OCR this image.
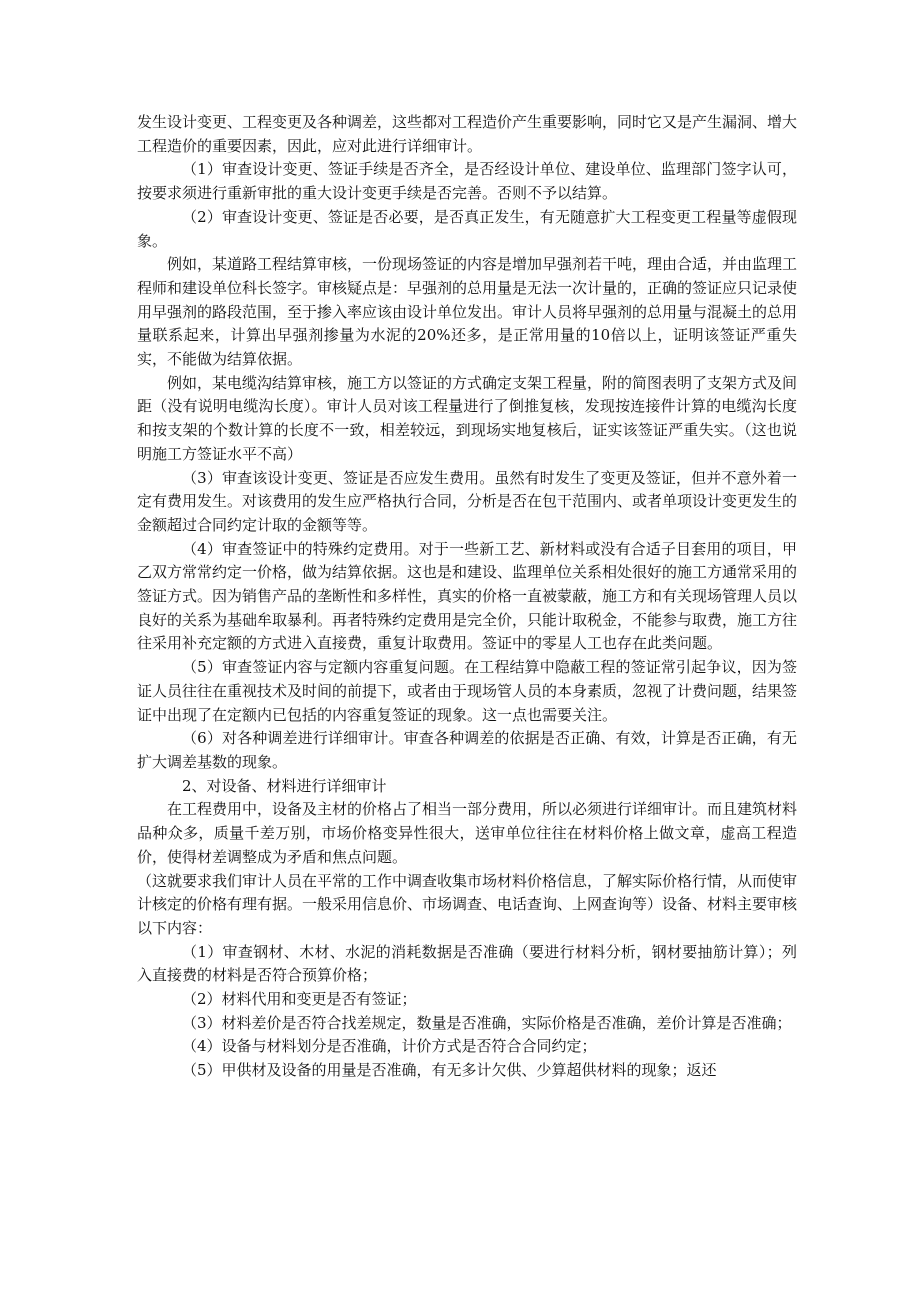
发生设计变更、工程变更及各种调差，这些都对工程造价产生重要影响，同时它又是产生漏洞、增大工程造价的重要因素，因此，应对此进行详细审计。

（1）审查设计变更、签证手续是否齐全，是否经设计单位、建设单位、监理部门签字认可，按要求须进行重新审批的重大设计变更手续是否完善。否则不予以结算。

（2）审查设计变更、签证是否必要，是否真正发生，有无随意扩大工程变更工程量等虚假现象。

例如，某道路工程结算审核，一份现场签证的内容是增加早强剂若干吨，理由合适，并由监理工程师和建设单位科长签字。审核疑点是：早强剂的总用量是无法一次计量的，正确的签证应只记录使用早强剂的路段范围，至于掺入率应该由设计单位发出。审计人员将早强剂的总用量与混凝土的总用量联系起来，计算出早强剂掺量为水泥的20%还多，是正常用量的10倍以上，证明该签证严重失实，不能做为结算依据。

例如，某电缆沟结算审核，施工方以签证的方式确定支架工程量，附的简图表明了支架方式及间距（没有说明电缆沟长度）。审计人员对该工程量进行了倒推复核，发现按连接件计算的电缆沟长度和按支架的个数计算的长度不一致，相差较远，到现场实地复核后，证实该签证严重失实。（这也说明施工方签证水平不高）

（3）审查该设计变更、签证是否应发生费用。虽然有时发生了变更及签证，但并不意外着一定有费用发生。对该费用的发生应严格执行合同，分析是否在包干范围内、或者单项设计变更发生的金额超过合同约定计取的金额等等。

（4）审查签证中的特殊约定费用。对于一些新工艺、新材料或没有合适子目套用的项目，甲乙双方常常约定一价格，做为结算依据。这也是和建设、监理单位关系相处很好的施工方通常采用的签证方式。因为销售产品的垄断性和多样性，真实的价格一直被蒙蔽，施工方和有关现场管理人员以良好的关系为基础牟取暴利。再者特殊约定费用是完全价，只能计取税金，不能参与取费，施工方往往采用补充定额的方式进入直接费，重复计取费用。签证中的零星人工也存在此类问题。

（5）审查签证内容与定额内容重复问题。在工程结算中隐蔽工程的签证常引起争议，因为签证人员往往在重视技术及时间的前提下，或者由于现场管人员的本身素质，忽视了计费问题，结果签证中出现了在定额内已包括的内容重复签证的现象。这一点也需要关注。

（6）对各种调差进行详细审计。审查各种调差的依据是否正确、有效，计算是否正确，有无扩大调差基数的现象。

2、对设备、材料进行详细审计

在工程费用中，设备及主材的价格占了相当一部分费用，所以必须进行详细审计。而且建筑材料品种众多，质量千差万别，市场价格变异性很大，送审单位往往在材料价格上做文章，虚高工程造价，使得材差调整成为矛盾和焦点问题。

（这就要求我们审计人员在平常的工作中调查收集市场材料价格信息，了解实际价格行情，从而使审计核定的价格有理有据。一般采用信息价、市场调查、电话查询、上网查询等）设备、材料主要审核以下内容：

（1）审查钢材、木材、水泥的消耗数据是否准确（要进行材料分析，钢材要抽筋计算）；列入直接费的材料是否符合预算价格；

（2）材料代用和变更是否有签证；

（3）材料差价是否符合找差规定，数量是否准确，实际价格是否准确，差价计算是否准确；

（4）设备与材料划分是否准确，计价方式是否符合合同约定；

（5）甲供材及设备的用量是否准确，有无多计欠供、少算超供材料的现象；返还
